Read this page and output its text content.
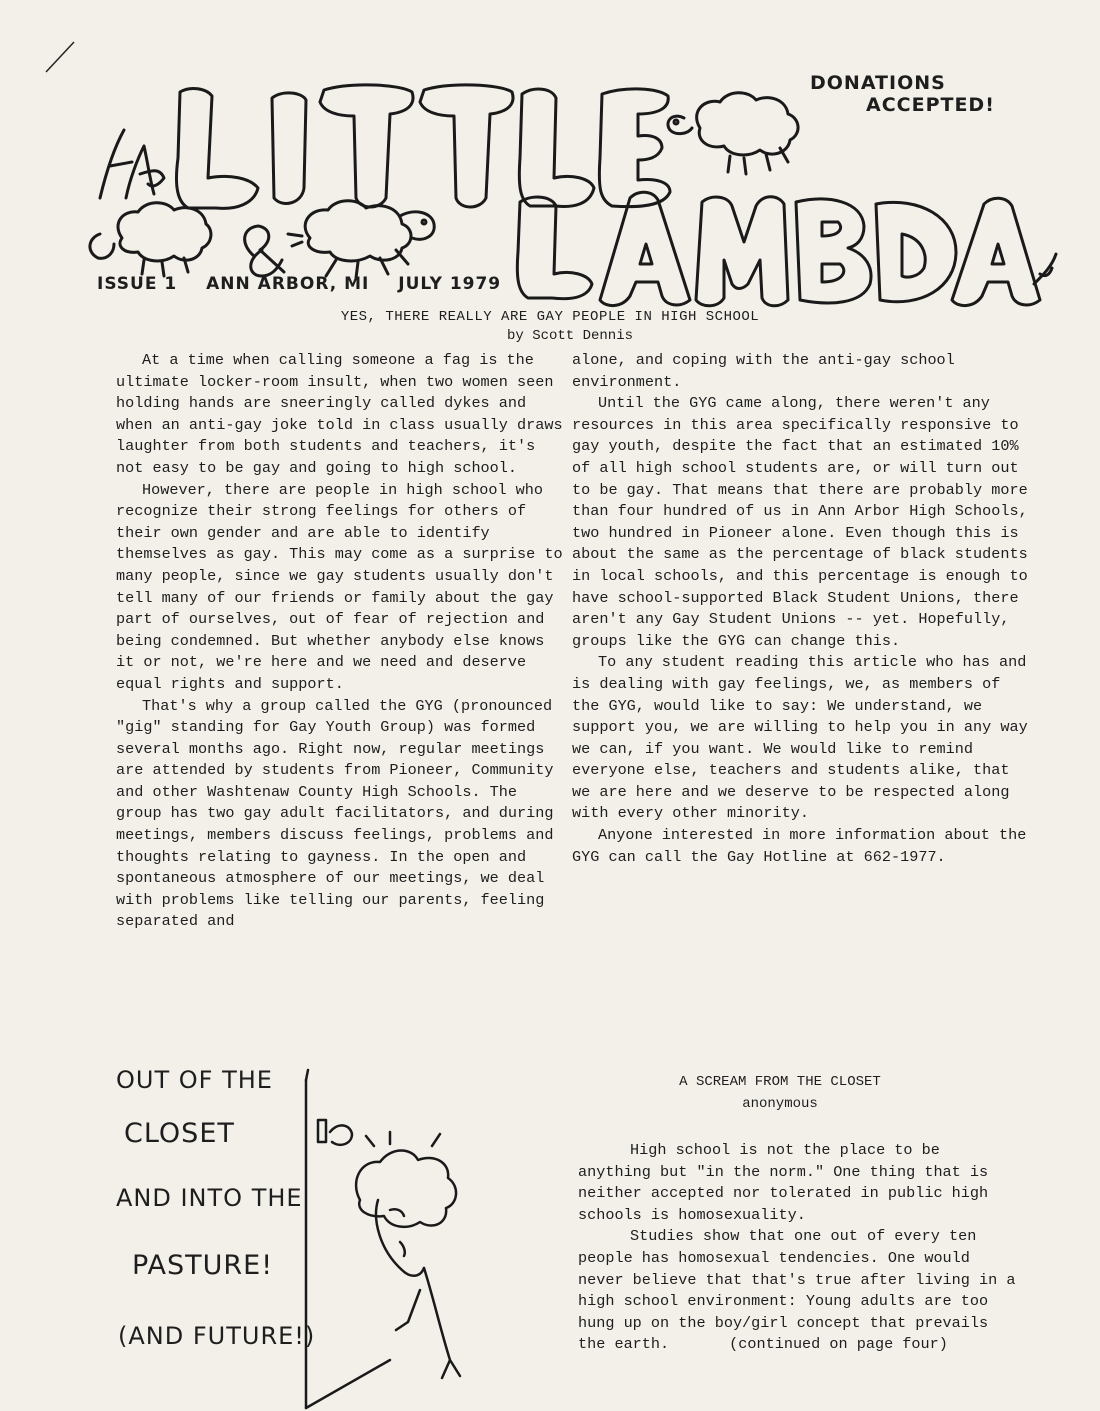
DONATIONS
ACCEPTED!
ISSUE 1 ANN ARBOR, MI JULY 1979
YES, THERE REALLY ARE GAY PEOPLE IN HIGH SCHOOL
by Scott Dennis

At a time when calling someone a fag is the ultimate locker-room insult, when two women seen holding hands are sneeringly called dykes and when an anti-gay joke told in class usually draws laughter from both students and teachers, it's not easy to be gay and going to high school.

However, there are people in high school who recognize their strong feelings for others of their own gender and are able to identify themselves as gay. This may come as a surprise to many people, since we gay students usually don't tell many of our friends or family about the gay part of ourselves, out of fear of rejection and being condemned. But whether anybody else knows it or not, we're here and we need and deserve equal rights and support.

That's why a group called the GYG (pronounced "gig" standing for Gay Youth Group) was formed several months ago. Right now, regular meetings are attended by students from Pioneer, Community and other Washtenaw County High Schools. The group has two gay adult facilitators, and during meetings, members discuss feelings, problems and thoughts relating to gayness. In the open and spontaneous atmosphere of our meetings, we deal with problems like telling our parents, feeling separated and

alone, and coping with the anti-gay school environment.

Until the GYG came along, there weren't any resources in this area specifically responsive to gay youth, despite the fact that an estimated 10% of all high school students are, or will turn out to be gay. That means that there are probably more than four hundred of us in Ann Arbor High Schools, two hundred in Pioneer alone. Even though this is about the same as the percentage of black students in local schools, and this percentage is enough to have school-supported Black Student Unions, there aren't any Gay Student Unions -- yet. Hopefully, groups like the GYG can change this.

To any student reading this article who has and is dealing with gay feelings, we, as members of the GYG, would like to say: We understand, we support you, we are willing to help you in any way we can, if you want. We would like to remind everyone else, teachers and students alike, that we are here and we deserve to be respected along with every other minority.

Anyone interested in more information about the GYG can call the Gay Hotline at 662-1977.

OUT OF THE
CLOSET
AND INTO THE
PASTURE!
(AND FUTURE!)
A SCREAM FROM THE CLOSET
anonymous

High school is not the place to be anything but "in the norm." One thing that is neither accepted nor tolerated in public high schools is homosexuality.

Studies show that one out of every ten people has homosexual tendencies. One would never believe that that's true after living in a high school environment: Young adults are too hung up on the boy/girl concept that prevails the earth.	(continued on page four)
